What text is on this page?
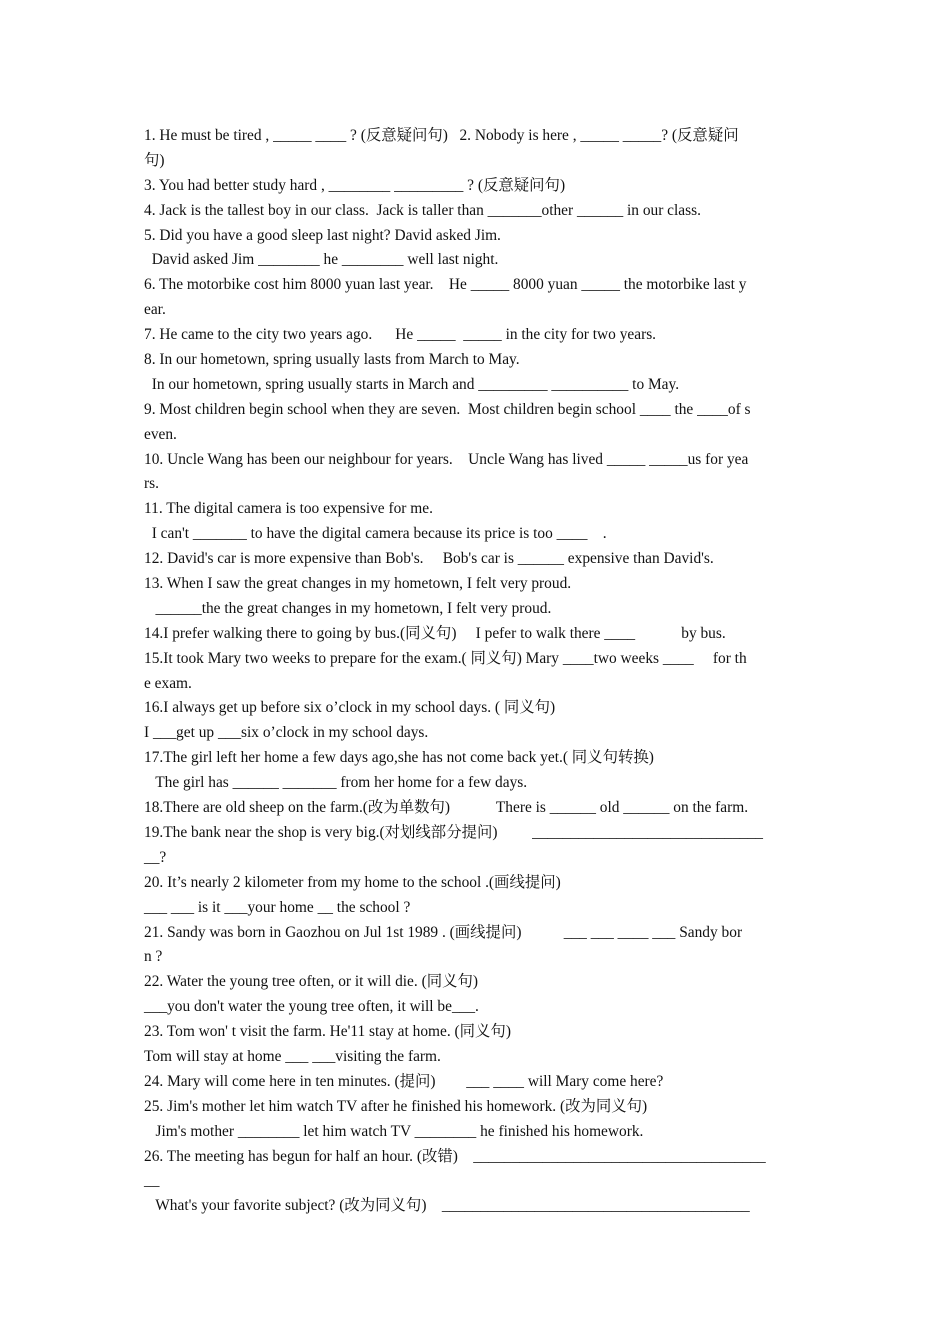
1. He must be tired , _____ ____ ? (反意疑问句)   2. Nobody is here , _____ _____? (反意疑问
句)
3. You had better study hard , ________ _________ ? (反意疑问句)
4. Jack is the tallest boy in our class.  Jack is taller than _______other ______ in our class.
5. Did you have a good sleep last night? David asked Jim.
David asked Jim ________ he ________ well last night.
6. The motorbike cost him 8000 yuan last year.    He _____ 8000 yuan _____ the motorbike last y
ear.
7. He came to the city two years ago.      He _____  _____ in the city for two years.
8. In our hometown, spring usually lasts from March to May.
In our hometown, spring usually starts in March and _________ __________ to May.
9. Most children begin school when they are seven.  Most children begin school ____ the ____of s
even.
10. Uncle Wang has been our neighbour for years.    Uncle Wang has lived _____ _____us for yea
rs.
11. The digital camera is too expensive for me.
I can't _______ to have the digital camera because its price is too ____    .
12. David's car is more expensive than Bob's.     Bob's car is ______ expensive than David's.
13. When I saw the great changes in my hometown, I felt very proud.
______the the great changes in my hometown, I felt very proud.
14.I prefer walking there to going by bus.(同义句)     I pefer to walk there ____            by bus.
15.It took Mary two weeks to prepare for the exam.( 同义句) Mary ____two weeks ____     for th
e exam.
16.I always get up before six o’clock in my school days. ( 同义句)
I ___get up ___six o’clock in my school days.
17.The girl left her home a few days ago,she has not come back yet.( 同义句转换)
The girl has ______ _______ from her home for a few days.
18.There are old sheep on the farm.(改为单数句)            There is ______ old ______ on the farm.
19.The bank near the shop is very big.(对划线部分提问)         ______________________________
__?
20. It’s nearly 2 kilometer from my home to the school .(画线提问)
___ ___ is it ___your home __ the school ?
21. Sandy was born in Gaozhou on Jul 1st 1989 . (画线提问)           ___ ___ ____ ___ Sandy bor
n ?
22. Water the young tree often, or it will die. (同义句)
___you don't water the young tree often, it will be___.
23. Tom won' t visit the farm. He'11 stay at home. (同义句)
Tom will stay at home ___ ___visiting the farm.
24. Mary will come here in ten minutes. (提问)        ___ ____ will Mary come here?
25. Jim's mother let him watch TV after he finished his homework. (改为同义句)
Jim's mother ________ let him watch TV ________ he finished his homework.
26. The meeting has begun for half an hour. (改错)    ______________________________________
__
What's your favorite subject? (改为同义句)    ________________________________________
